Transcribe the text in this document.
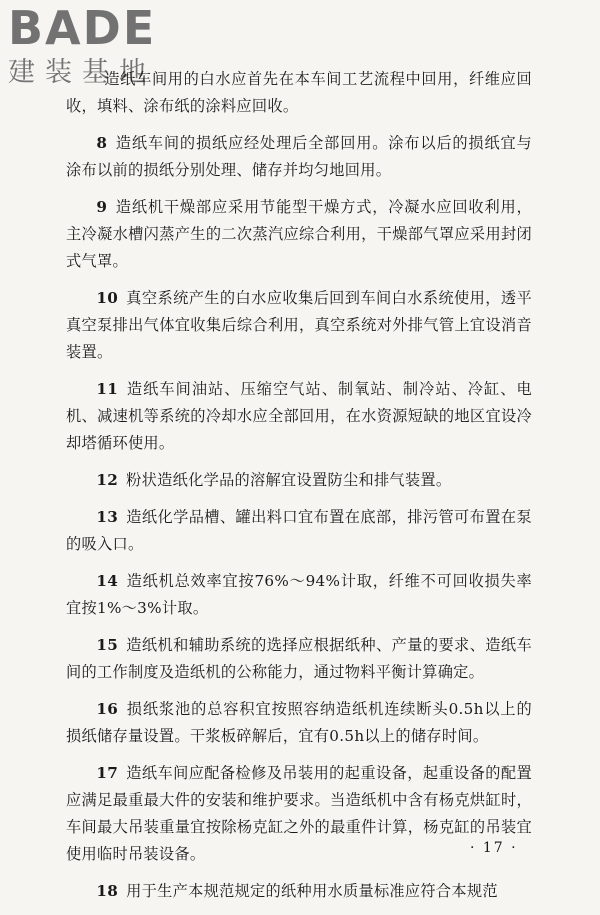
BADE
建装基地

造纸车间用的白水应首先在本车间工艺流程中回用，纤维应回收，填料、涂布纸的涂料应回收。

8 造纸车间的损纸应经处理后全部回用。涂布以后的损纸宜与涂布以前的损纸分别处理、储存并均匀地回用。

9 造纸机干燥部应采用节能型干燥方式，冷凝水应回收利用，主冷凝水槽闪蒸产生的二次蒸汽应综合利用，干燥部气罩应采用封闭式气罩。

10 真空系统产生的白水应收集后回到车间白水系统使用，透平真空泵排出气体宜收集后综合利用，真空系统对外排气管上宜设消音装置。

11 造纸车间油站、压缩空气站、制氧站、制冷站、冷缸、电机、减速机等系统的冷却水应全部回用，在水资源短缺的地区宜设冷却塔循环使用。

12 粉状造纸化学品的溶解宜设置防尘和排气装置。

13 造纸化学品槽、罐出料口宜布置在底部，排污管可布置在泵的吸入口。

14 造纸机总效率宜按76%～94%计取，纤维不可回收损失率宜按1%～3%计取。

15 造纸机和辅助系统的选择应根据纸种、产量的要求、造纸车间的工作制度及造纸机的公称能力，通过物料平衡计算确定。

16 损纸浆池的总容积宜按照容纳造纸机连续断头0.5h以上的损纸储存量设置。干浆板碎解后，宜有0.5h以上的储存时间。

17 造纸车间应配备检修及吊装用的起重设备，起重设备的配置应满足最重最大件的安装和维护要求。当造纸机中含有杨克烘缸时，车间最大吊装重量宜按除杨克缸之外的最重件计算，杨克缸的吊装宜使用临时吊装设备。

18 用于生产本规范规定的纸种用水质量标准应符合本规范

· 17 ·
